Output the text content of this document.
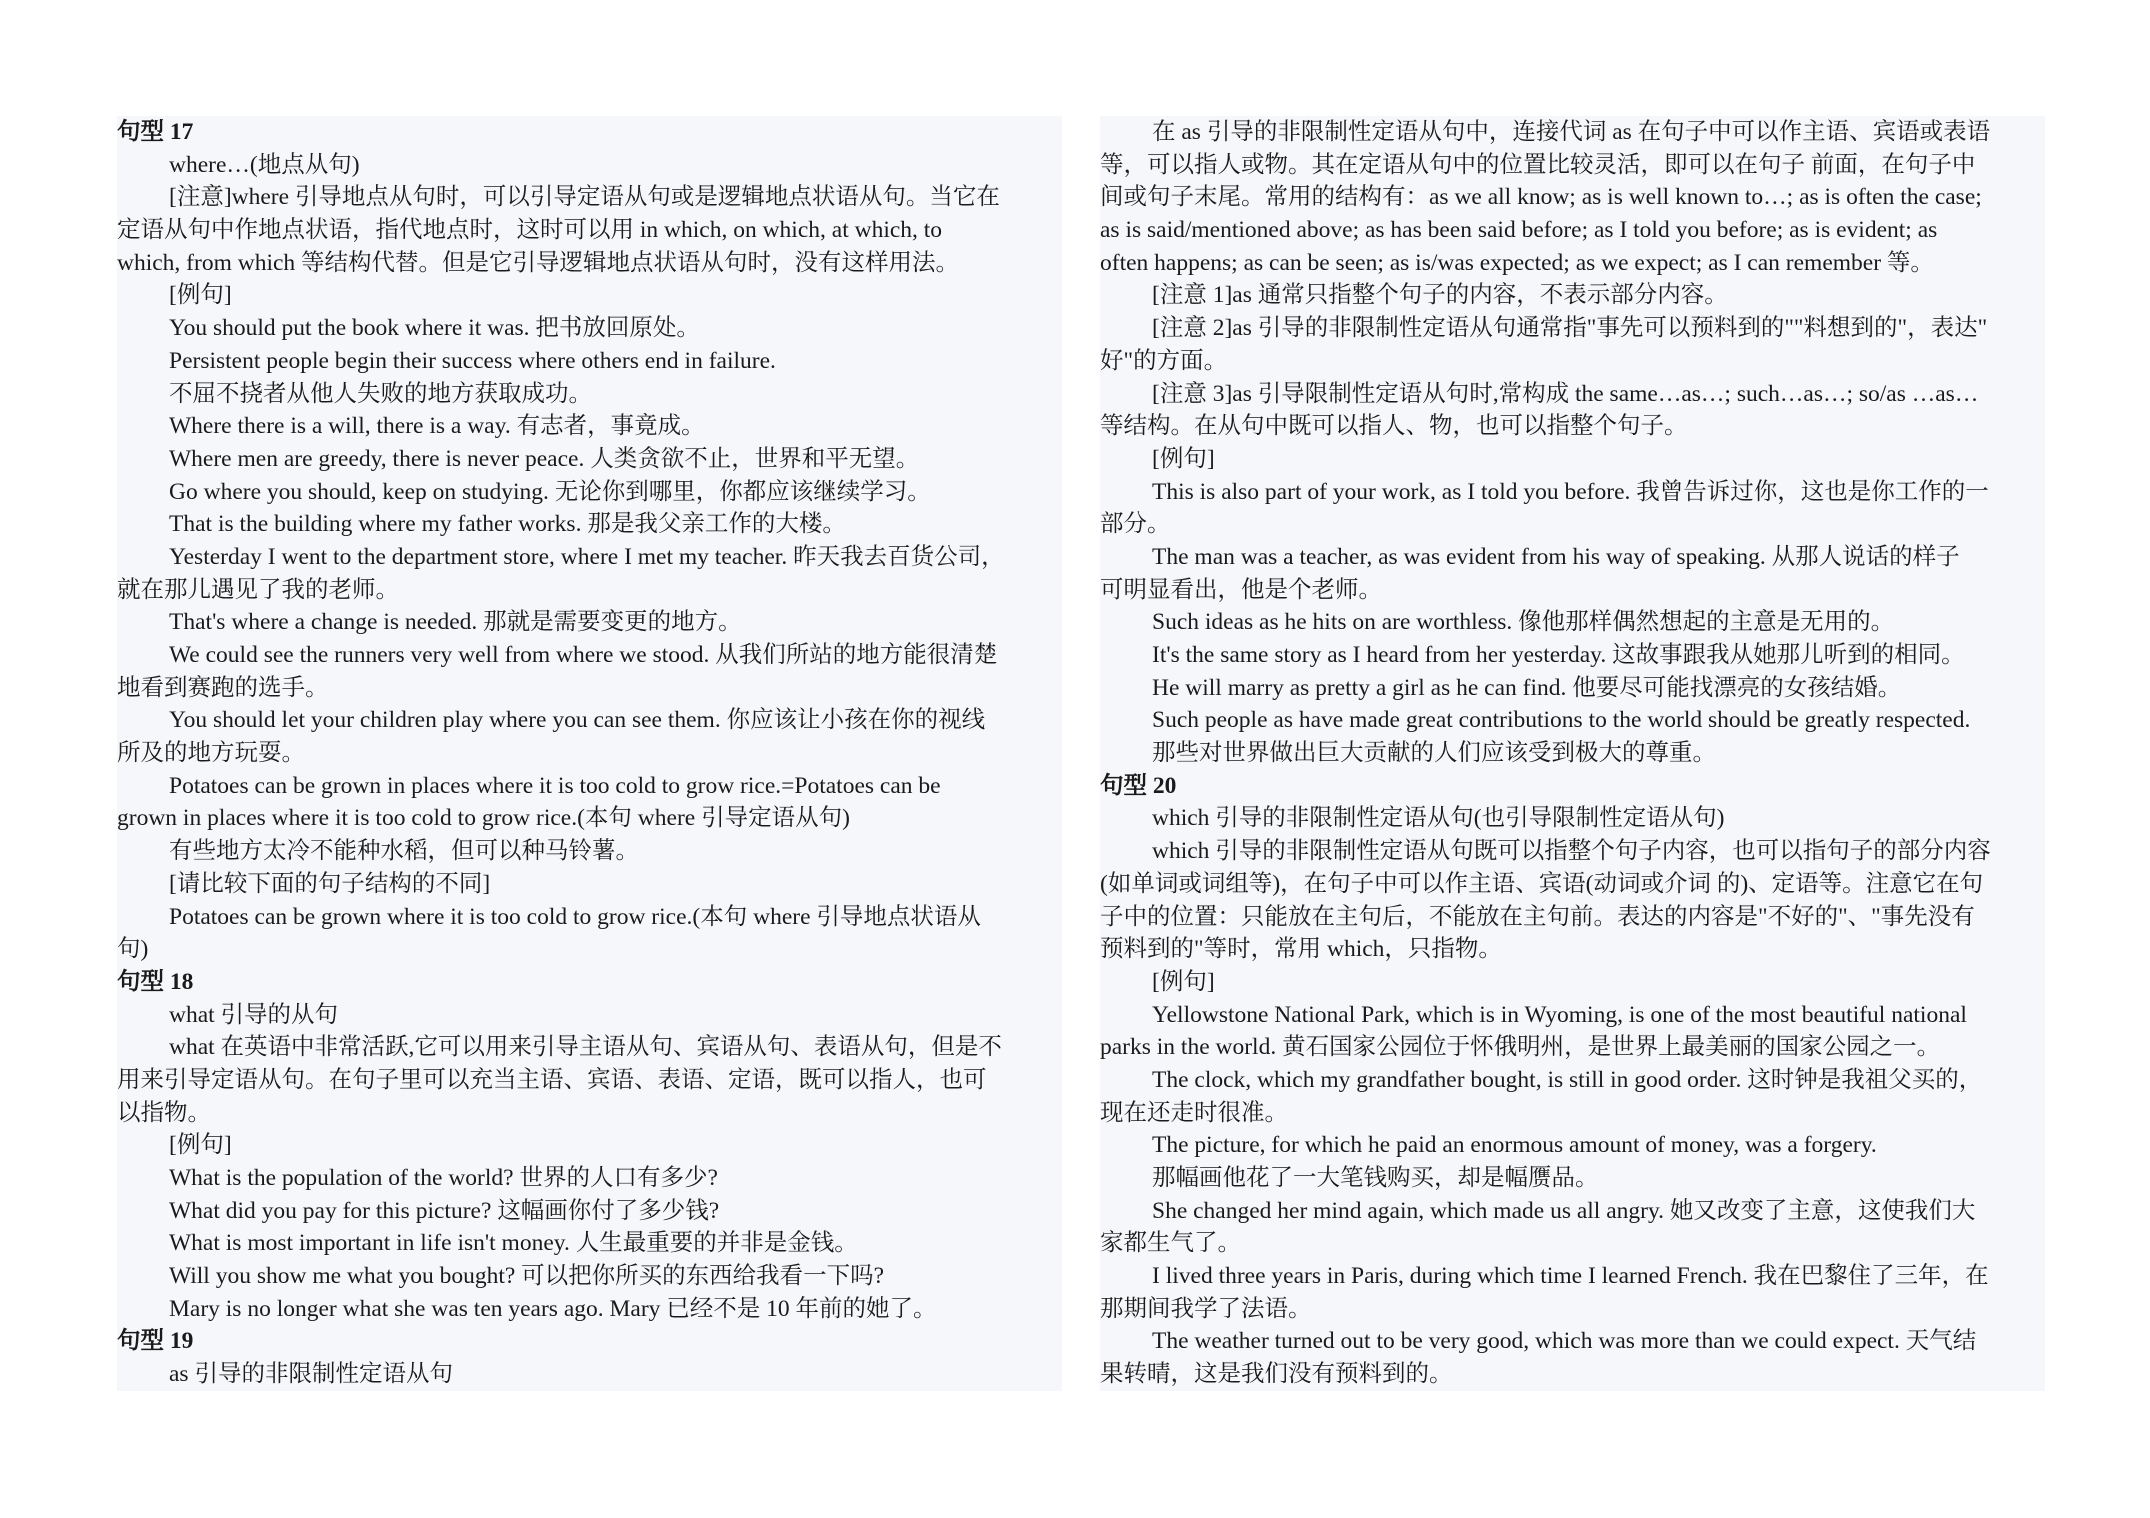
句型 17
where…(地点从句)
[注意]where 引导地点从句时，可以引导定语从句或是逻辑地点状语从句。当它在
定语从句中作地点状语，指代地点时，这时可以用 in which, on which, at which, to
which, from which 等结构代替。但是它引导逻辑地点状语从句时，没有这样用法。
[例句]
You should put the book where it was. 把书放回原处。
Persistent people begin their success where others end in failure.
不屈不挠者从他人失败的地方获取成功。
Where there is a will, there is a way. 有志者，事竟成。
Where men are greedy, there is never peace. 人类贪欲不止，世界和平无望。
Go where you should, keep on studying. 无论你到哪里，你都应该继续学习。
That is the building where my father works. 那是我父亲工作的大楼。
Yesterday I went to the department store, where I met my teacher. 昨天我去百货公司，
就在那儿遇见了我的老师。
That's where a change is needed. 那就是需要变更的地方。
We could see the runners very well from where we stood. 从我们所站的地方能很清楚
地看到赛跑的选手。
You should let your children play where you can see them. 你应该让小孩在你的视线
所及的地方玩耍。
Potatoes can be grown in places where it is too cold to grow rice.=Potatoes can be
grown in places where it is too cold to grow rice.(本句 where 引导定语从句)
有些地方太冷不能种水稻，但可以种马铃薯。
[请比较下面的句子结构的不同]
Potatoes can be grown where it is too cold to grow rice.(本句 where 引导地点状语从
句)
句型 18
what 引导的从句
what 在英语中非常活跃,它可以用来引导主语从句、宾语从句、表语从句，但是不
用来引导定语从句。在句子里可以充当主语、宾语、表语、定语，既可以指人，也可
以指物。
[例句]
What is the population of the world? 世界的人口有多少?
What did you pay for this picture? 这幅画你付了多少钱?
What is most important in life isn't money. 人生最重要的并非是金钱。
Will you show me what you bought? 可以把你所买的东西给我看一下吗?
Mary is no longer what she was ten years ago. Mary 已经不是 10 年前的她了。
句型 19
as 引导的非限制性定语从句
在 as 引导的非限制性定语从句中，连接代词 as 在句子中可以作主语、宾语或表语
等，可以指人或物。其在定语从句中的位置比较灵活，即可以在句子 前面，在句子中
间或句子末尾。常用的结构有：as we all know; as is well known to…; as is often the case;
as is said/mentioned above; as has been said before; as I told you before; as is evident; as
often happens; as can be seen; as is/was expected; as we expect; as I can remember 等。
[注意 1]as 通常只指整个句子的内容，不表示部分内容。
[注意 2]as 引导的非限制性定语从句通常指"事先可以预料到的""料想到的"，表达"
好"的方面。
[注意 3]as 引导限制性定语从句时,常构成 the same…as…; such…as…; so/as …as…
等结构。在从句中既可以指人、物，也可以指整个句子。
[例句]
This is also part of your work, as I told you before. 我曾告诉过你，这也是你工作的一
部分。
The man was a teacher, as was evident from his way of speaking. 从那人说话的样子
可明显看出，他是个老师。
Such ideas as he hits on are worthless. 像他那样偶然想起的主意是无用的。
It's the same story as I heard from her yesterday. 这故事跟我从她那儿听到的相同。
He will marry as pretty a girl as he can find. 他要尽可能找漂亮的女孩结婚。
Such people as have made great contributions to the world should be greatly respected.
那些对世界做出巨大贡献的人们应该受到极大的尊重。
句型 20
which 引导的非限制性定语从句(也引导限制性定语从句)
which 引导的非限制性定语从句既可以指整个句子内容，也可以指句子的部分内容
(如单词或词组等)，在句子中可以作主语、宾语(动词或介词 的)、定语等。注意它在句
子中的位置：只能放在主句后，不能放在主句前。表达的内容是"不好的"、"事先没有
预料到的"等时，常用 which，只指物。
[例句]
Yellowstone National Park, which is in Wyoming, is one of the most beautiful national
parks in the world. 黄石国家公园位于怀俄明州，是世界上最美丽的国家公园之一。
The clock, which my grandfather bought, is still in good order. 这时钟是我祖父买的，
现在还走时很准。
The picture, for which he paid an enormous amount of money, was a forgery.
那幅画他花了一大笔钱购买，却是幅赝品。
She changed her mind again, which made us all angry. 她又改变了主意，这使我们大
家都生气了。
I lived three years in Paris, during which time I learned French. 我在巴黎住了三年，在
那期间我学了法语。
The weather turned out to be very good, which was more than we could expect. 天气结
果转晴，这是我们没有预料到的。
